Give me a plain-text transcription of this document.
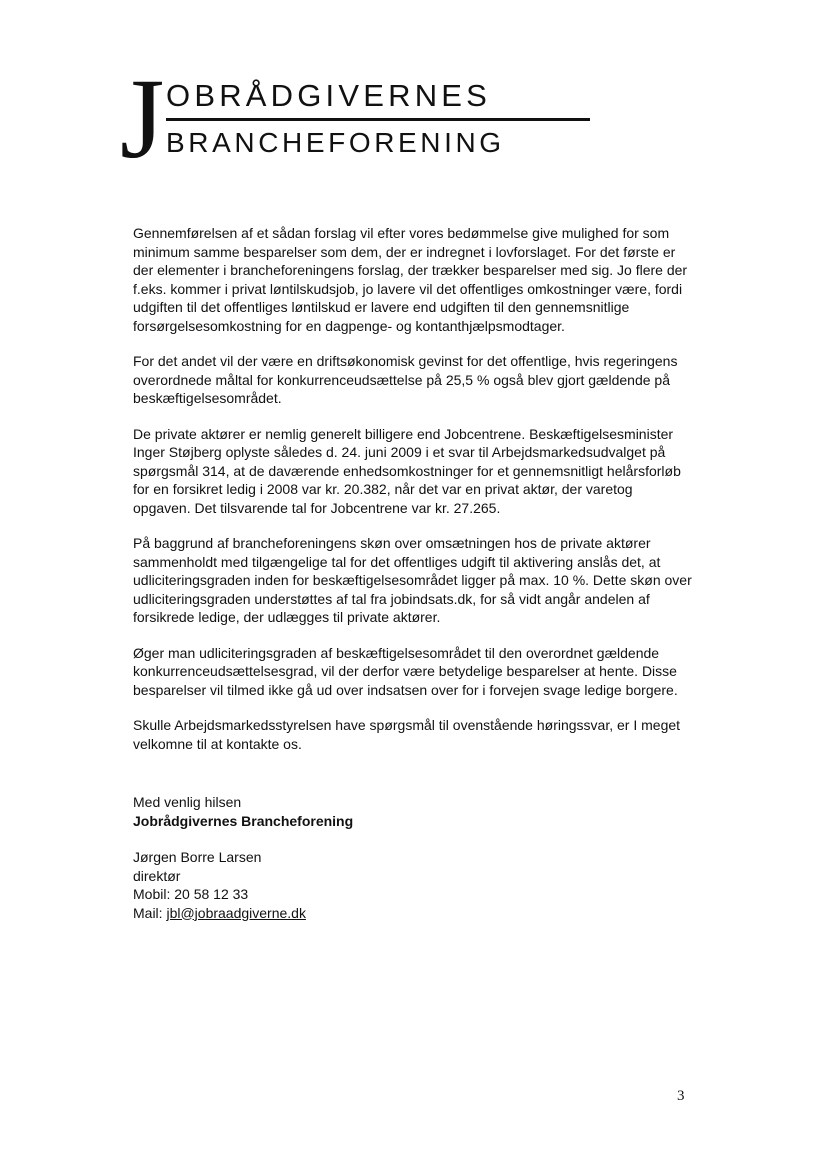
J OBRÅDGIVERNES
BRANCHEFORENING

Gennemførelsen af et sådan forslag vil efter vores bedømmelse give mulighed for som minimum samme besparelser som dem, der er indregnet i lovforslaget. For det første er der elementer i brancheforeningens forslag, der trækker besparelser med sig. Jo flere der f.eks. kommer i privat løntilskudsjob, jo lavere vil det offentliges omkostninger være, fordi udgiften til det offentliges løntilskud er lavere end udgiften til den gennemsnitlige forsørgelsesomkostning for en dagpenge- og kontanthjælpsmodtager.

For det andet vil der være en driftsøkonomisk gevinst for det offentlige, hvis regeringens overordnede måltal for konkurrenceudsættelse på 25,5 % også blev gjort gældende på beskæftigelsesområdet.

De private aktører er nemlig generelt billigere end Jobcentrene. Beskæftigelsesminister Inger Støjberg oplyste således d. 24. juni 2009 i et svar til Arbejdsmarkedsudvalget på spørgsmål 314, at de daværende enhedsomkostninger for et gennemsnitligt helårsforløb for en forsikret ledig i 2008 var kr. 20.382, når det var en privat aktør, der varetog opgaven. Det tilsvarende tal for Jobcentrene var kr. 27.265.

På baggrund af brancheforeningens skøn over omsætningen hos de private aktører sammenholdt med tilgængelige tal for det offentliges udgift til aktivering anslås det, at udliciteringsgraden inden for beskæftigelsesområdet ligger på max. 10 %. Dette skøn over udliciteringsgraden understøttes af tal fra jobindsats.dk, for så vidt angår andelen af forsikrede ledige, der udlægges til private aktører.

Øger man udliciteringsgraden af beskæftigelsesområdet til den overordnet gældende konkurrenceudsættelsesgrad, vil der derfor være betydelige besparelser at hente. Disse besparelser vil tilmed ikke gå ud over indsatsen over for i forvejen svage ledige borgere.

Skulle Arbejdsmarkedsstyrelsen have spørgsmål til ovenstående høringssvar, er I meget velkomne til at kontakte os.

Med venlig hilsen
Jobrådgivernes Brancheforening
Jørgen Borre Larsen
direktør
Mobil: 20 58 12 33
Mail: jbl@jobraadgiverne.dk
3
